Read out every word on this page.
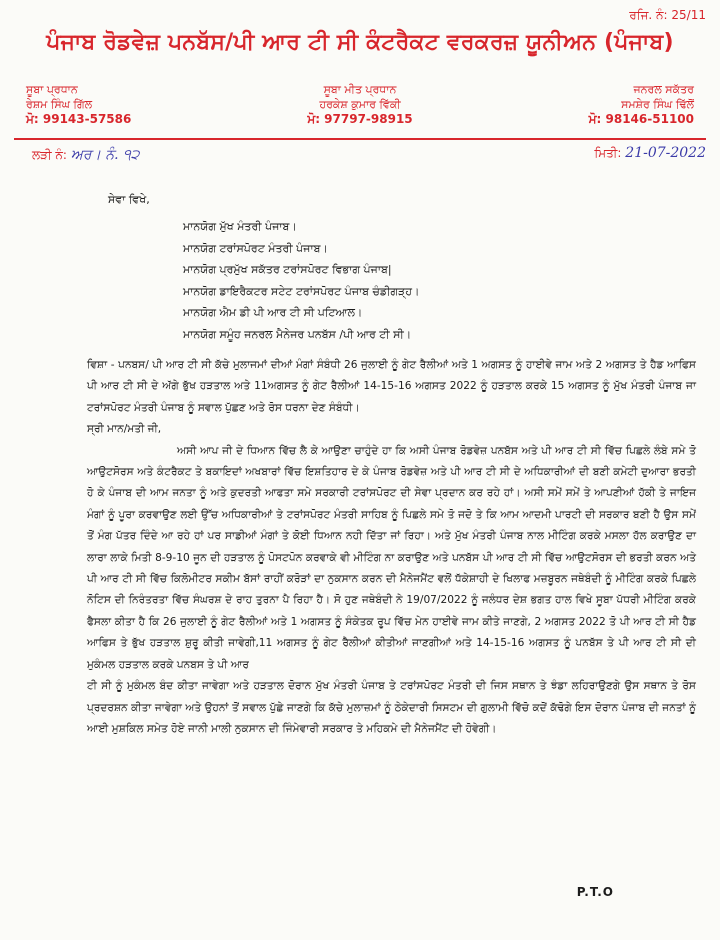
ਰਜਿ. ਨੰ: 25/11
ਪੰਜਾਬ ਰੋਡਵੇਜ਼ ਪਨਬੱਸ/ਪੀ ਆਰ ਟੀ ਸੀ ਕੰਟਰੈਕਟ ਵਰਕਰਜ਼ ਯੂਨੀਅਨ (ਪੰਜਾਬ)
ਸੂਬਾ ਪ੍ਰਧਾਨ
ਰੇਸ਼ਮ ਸਿੰਘ ਗਿੱਲ
ਮੋ: 99143-57586
ਸੂਬਾ ਮੀਤ ਪ੍ਰਧਾਨ
ਹਰਕੇਸ਼ ਕੁਮਾਰ ਵਿੱਕੀ
ਮੋ: 97797-98915
ਜਨਰਲ ਸਕੱਤਰ
ਸਮਸ਼ੇਰ ਸਿੰਘ ਢਿੱਲੋਂ
ਮੋ: 98146-51100
ਲੜੀ ਨੰ: ਅਰ। ਨੰ. ੧੨	ਮਿਤੀ: 21-07-2022
ਸੇਵਾ ਵਿਖੇ,
ਮਾਨਯੋਗ ਮੁੱਖ ਮੰਤਰੀ ਪੰਜਾਬ।
ਮਾਨਯੋਗ ਟਰਾਂਸਪੋਰਟ ਮੰਤਰੀ ਪੰਜਾਬ।
ਮਾਨਯੋਗ ਪ੍ਰਮੁੱਖ ਸਕੱਤਰ ਟਰਾਂਸਪੋਰਟ ਵਿਭਾਗ ਪੰਜਾਬ|
ਮਾਨਯੋਗ ਡਾਇਰੈਕਟਰ ਸਟੇਟ ਟਰਾਂਸਪੋਰਟ ਪੰਜਾਬ ਚੰਡੀਗੜ੍ਹ।
ਮਾਨਯੋਗ ਐਮ ਡੀ ਪੀ ਆਰ ਟੀ ਸੀ ਪਟਿਆਲ।
ਮਾਨਯੋਗ ਸਮੂੰਹ ਜਨਰਲ ਮੈਨੇਜਰ ਪਨਬੱਸ /ਪੀ ਆਰ ਟੀ ਸੀ।

ਵਿਸ਼ਾ - ਪਨਬਸ/ ਪੀ ਆਰ ਟੀ ਸੀ ਕੱਚੇ ਮੁਲਾਜਮਾਂ ਦੀਆਂ ਮੰਗਾਂ ਸੰਬੰਧੀ 26 ਜੁਲਾਈ ਨੂੰ ਗੇਟ ਰੈਲੀਆਂ ਅਤੇ 1 ਅਗਸਤ ਨੂੰ ਹਾਈਵੇ ਜਾਮ ਅਤੇ 2 ਅਗਸਤ ਤੇ ਹੈਡ ਆਫਿਸ ਪੀ ਆਰ ਟੀ ਸੀ ਦੇ ਅੱਗੇ ਭੁੱਖ ਹੜਤਾਲ ਅਤੇ 11ਅਗਸਤ ਨੂੰ ਗੇਟ ਰੈਲੀਆਂ 14-15-16 ਅਗਸਤ 2022 ਨੂੰ ਹੜਤਾਲ ਕਰਕੇ 15 ਅਗਸਤ ਨੂੰ ਮੁੱਖ ਮੰਤਰੀ ਪੰਜਾਬ ਜਾ ਟਰਾਂਸਪੋਰਟ ਮੰਤਰੀ ਪੰਜਾਬ ਨੂੰ ਸਵਾਲ ਪੁੱਛਣ ਅਤੇ ਰੋਸ ਧਰਨਾ ਦੇਣ ਸੰਬੰਧੀ।

ਸ੍ਰੀ ਮਾਨ/ਮਤੀ ਜੀ,

ਅਸੀ ਆਪ ਜੀ ਦੇ ਧਿਆਨ ਵਿੱਚ ਲੈ ਕੇ ਆਉਣਾ ਚਾਹੁੰਦੇ ਹਾ ਕਿ ਅਸੀ ਪੰਜਾਬ ਰੋਡਵੇਜ਼ ਪਨਬੱਸ ਅਤੇ ਪੀ ਆਰ ਟੀ ਸੀ ਵਿੱਚ ਪਿਛਲੇ ਲੰਬੇ ਸਮੇ ਤੋ ਆਉਟਸੋਰਸ ਅਤੇ ਕੰਟਰੈਕਟ ਤੇ ਬਕਾਇਦਾਂ ਅਖਬਾਰਾਂ ਵਿੱਚ ਇਸ਼ਤਿਹਾਰ ਦੇ ਕੇ ਪੰਜਾਬ ਰੋਡਵੇਜ਼ ਅਤੇ ਪੀ ਆਰ ਟੀ ਸੀ ਦੇ ਅਧਿਕਾਰੀਆਂ ਦੀ ਬਣੀ ਕਮੇਟੀ ਦੁਆਰਾ ਭਰਤੀ ਹੋ ਕੇ ਪੰਜਾਬ ਦੀ ਆਮ ਜਨਤਾ ਨੂੰ ਅਤੇ ਕੁਦਰਤੀ ਆਫਤਾ ਸਮੇ ਸਰਕਾਰੀ ਟਰਾਂਸਪੋਰਟ ਦੀ ਸੇਵਾ ਪ੍ਰਦਾਨ ਕਰ ਰਹੇ ਹਾਂ। ਅਸੀ ਸਮੇਂ ਸਮੇਂ ਤੇ ਆਪਣੀਆਂ ਹੱਕੀ ਤੇ ਜਾਇਜ ਮੰਗਾਂ ਨੂੰ ਪੂਰਾ ਕਰਵਾਉਣ ਲਈ ਉੱਚ ਅਧਿਕਾਰੀਆਂ ਤੇ ਟਰਾਂਸਪੋਰਟ ਮੰਤਰੀ ਸਾਹਿਬ ਨੂੰ ਪਿਛਲੇ ਸਮੇ ਤੋ ਜਦੋ ਤੇ ਕਿ ਆਮ ਆਦਮੀ ਪਾਰਟੀ ਦੀ ਸਰਕਾਰ ਬਣੀ ਹੈ ਉਸ ਸਮੇਂ ਤੋਂ ਮੰਗ ਪੱਤਰ ਦਿੰਦੇ ਆ ਰਹੇ ਹਾਂ ਪਰ ਸਾਡੀਆਂ ਮੰਗਾਂ ਤੇ ਕੋਈ ਧਿਆਨ ਨਹੀ ਦਿੱਤਾ ਜਾਂ ਰਿਹਾ। ਅਤੇ ਮੁੱਖ ਮੰਤਰੀ ਪੰਜਾਬ ਨਾਲ ਮੀਟਿੰਗ ਕਰਕੇ ਮਸਲਾ ਹੱਲ ਕਰਾਉਣ ਦਾ ਲਾਰਾ ਲਾਕੇ ਮਿਤੀ 8-9-10 ਜੂਨ ਦੀ ਹੜਤਾਲ ਨੂੰ ਪੋਸਟਪੋਨ ਕਰਵਾਕੇ ਵੀ ਮੀਟਿੰਗ ਨਾ ਕਰਾਉਣ ਅਤੇ ਪਨਬੱਸ ਪੀ ਆਰ ਟੀ ਸੀ ਵਿੱਚ ਆਉਟਸੋਰਸ ਦੀ ਭਰਤੀ ਕਰਨ ਅਤੇ ਪੀ ਆਰ ਟੀ ਸੀ ਵਿੱਚ ਕਿਲੋਮੀਟਰ ਸਕੀਮ ਬੱਸਾਂ ਰਾਹੀਂ ਕਰੋੜਾਂ ਦਾ ਨੁਕਸਾਨ ਕਰਨ ਦੀ ਮੈਨੇਜਮੈਂਟ ਵਲੋਂ ਧੱਕੇਸ਼ਾਹੀ ਦੇ ਖਿਲਾਫ ਮਜ਼ਬੂਰਨ ਜਥੇਬੰਦੀ ਨੂੰ ਮੀਟਿੰਗ ਕਰਕੇ ਪਿਛਲੇ ਨੋਟਿਸ ਦੀ ਨਿਰੰਤਰਤਾ ਵਿੱਚ ਸੰਘਰਸ਼ ਦੇ ਰਾਹ ਤੁਰਨਾ ਪੈ ਰਿਹਾ ਹੈ। ਸੋ ਹੁਣ ਜਥੇਬੰਦੀ ਨੇ 19/07/2022 ਨੂੰ ਜਲੰਧਰ ਦੇਸ਼ ਭਗਤ ਹਾਲ ਵਿਖੇ ਸੂਬਾ ਪੱਧਰੀ ਮੀਟਿੰਗ ਕਰਕੇ ਫੈਸਲਾ ਕੀਤਾ ਹੈ ਕਿ 26 ਜੁਲਾਈ ਨੂੰ ਗੇਟ ਰੈਲੀਆਂ ਅਤੇ 1 ਅਗਸਤ ਨੂੰ ਸੰਕੇਤਕ ਰੂਪ ਵਿੱਚ ਮੇਨ ਹਾਈਵੇ ਜਾਮ ਕੀਤੇ ਜਾਣਗੇ, 2 ਅਗਸਤ 2022 ਤੋ ਪੀ ਆਰ ਟੀ ਸੀ ਹੈਡ ਆਫਿਸ ਤੇ ਭੁੱਖ ਹੜਤਾਲ ਸ਼ੁਰੂ ਕੀਤੀ ਜਾਵੇਗੀ,11 ਅਗਸਤ ਨੂੰ ਗੇਟ ਰੈਲੀਆਂ ਕੀਤੀਆਂ ਜਾਣਗੀਆਂ ਅਤੇ 14-15-16 ਅਗਸਤ ਨੂੰ ਪਨਬੱਸ ਤੇ ਪੀ ਆਰ ਟੀ ਸੀ ਦੀ ਮੁਕੰਮਲ ਹੜਤਾਲ ਕਰਕੇ ਪਨਬਸ ਤੇ ਪੀ ਆਰ

ਟੀ ਸੀ ਨੂੰ ਮੁਕੰਮਲ ਬੰਦ ਕੀਤਾ ਜਾਵੇਗਾ ਅਤੇ ਹੜਤਾਲ ਦੋਰਾਨ ਮੁੱਖ ਮੰਤਰੀ ਪੰਜਾਬ ਤੇ ਟਰਾਂਸਪੋਰਟ ਮੰਤਰੀ ਦੀ ਜਿਸ ਸਥਾਨ ਤੇ ਝੰਡਾ ਲਹਿਰਾਉਣਗੇ ਉਸ ਸਥਾਨ ਤੇ ਰੋਸ ਪ੍ਰਦਰਸ਼ਨ ਕੀਤਾ ਜਾਵੇਗਾ ਅਤੇ ਉਹਨਾਂ ਤੋਂ ਸਵਾਲ ਪੁੱਛੇ ਜਾਣਗੇ ਕਿ ਕੱਚੇ ਮੁਲਾਜ਼ਮਾਂ ਨੂੰ ਠੇਕੇਦਾਰੀ ਸਿਸਟਮ ਦੀ ਗੁਲਾਮੀ ਵਿੱਚੋ ਕਦੋਂ ਕੱਢੋਗੇ ਇਸ ਦੋਰਾਨ ਪੰਜਾਬ ਦੀ ਜਨਤਾਂ ਨੂੰ ਆਈ ਮੁਸ਼ਕਿਲ ਸਮੇਤ ਹੋਏ ਜਾਨੀ ਮਾਲੀ ਨੁਕਸਾਨ ਦੀ ਜਿੰਮੇਵਾਰੀ ਸਰਕਾਰ ਤੇ ਮਹਿਕਮੇ ਦੀ ਮੈਨੇਜਮੈਂਟ ਦੀ ਹੋਵੇਗੀ।

P.T.O
